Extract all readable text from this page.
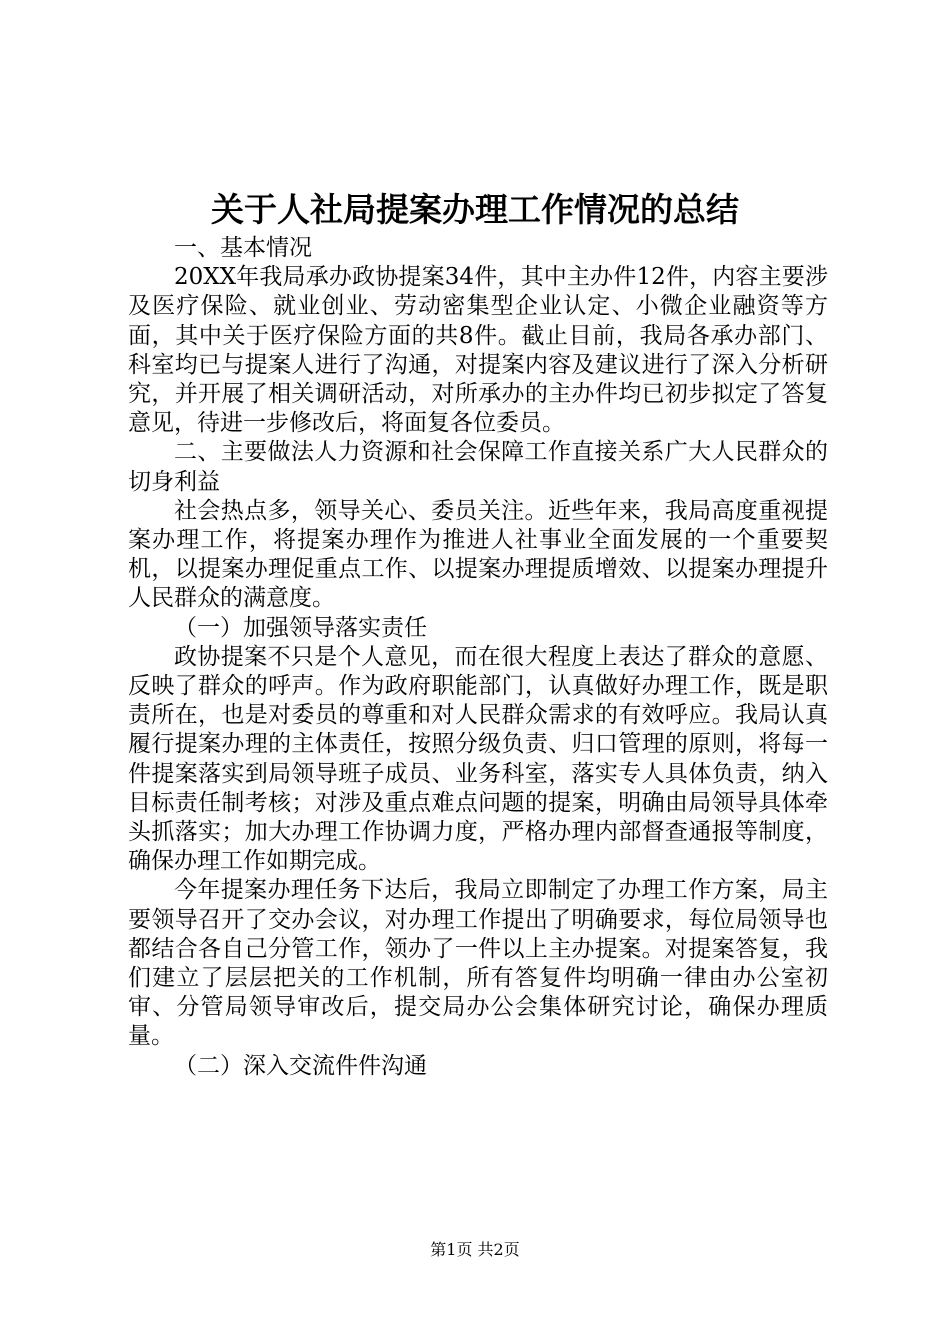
关于人社局提案办理工作情况的总结

一、基本情况

20XX年我局承办政协提案34件，其中主办件12件，内容主要涉及医疗保险、就业创业、劳动密集型企业认定、小微企业融资等方面，其中关于医疗保险方面的共8件。截止目前，我局各承办部门、科室均已与提案人进行了沟通，对提案内容及建议进行了深入分析研究，并开展了相关调研活动，对所承办的主办件均已初步拟定了答复意见，待进一步修改后，将面复各位委员。

二、主要做法人力资源和社会保障工作直接关系广大人民群众的切身利益

社会热点多，领导关心、委员关注。近些年来，我局高度重视提案办理工作，将提案办理作为推进人社事业全面发展的一个重要契机，以提案办理促重点工作、以提案办理提质增效、以提案办理提升人民群众的满意度。

（一）加强领导落实责任

政协提案不只是个人意见，而在很大程度上表达了群众的意愿、反映了群众的呼声。作为政府职能部门，认真做好办理工作，既是职责所在，也是对委员的尊重和对人民群众需求的有效呼应。我局认真履行提案办理的主体责任，按照分级负责、归口管理的原则，将每一件提案落实到局领导班子成员、业务科室，落实专人具体负责，纳入目标责任制考核；对涉及重点难点问题的提案，明确由局领导具体牵头抓落实；加大办理工作协调力度，严格办理内部督查通报等制度，确保办理工作如期完成。

今年提案办理任务下达后，我局立即制定了办理工作方案，局主要领导召开了交办会议，对办理工作提出了明确要求，每位局领导也都结合各自己分管工作，领办了一件以上主办提案。对提案答复，我们建立了层层把关的工作机制，所有答复件均明确一律由办公室初审、分管局领导审改后，提交局办公会集体研究讨论，确保办理质量。

（二）深入交流件件沟通

第1页 共2页
